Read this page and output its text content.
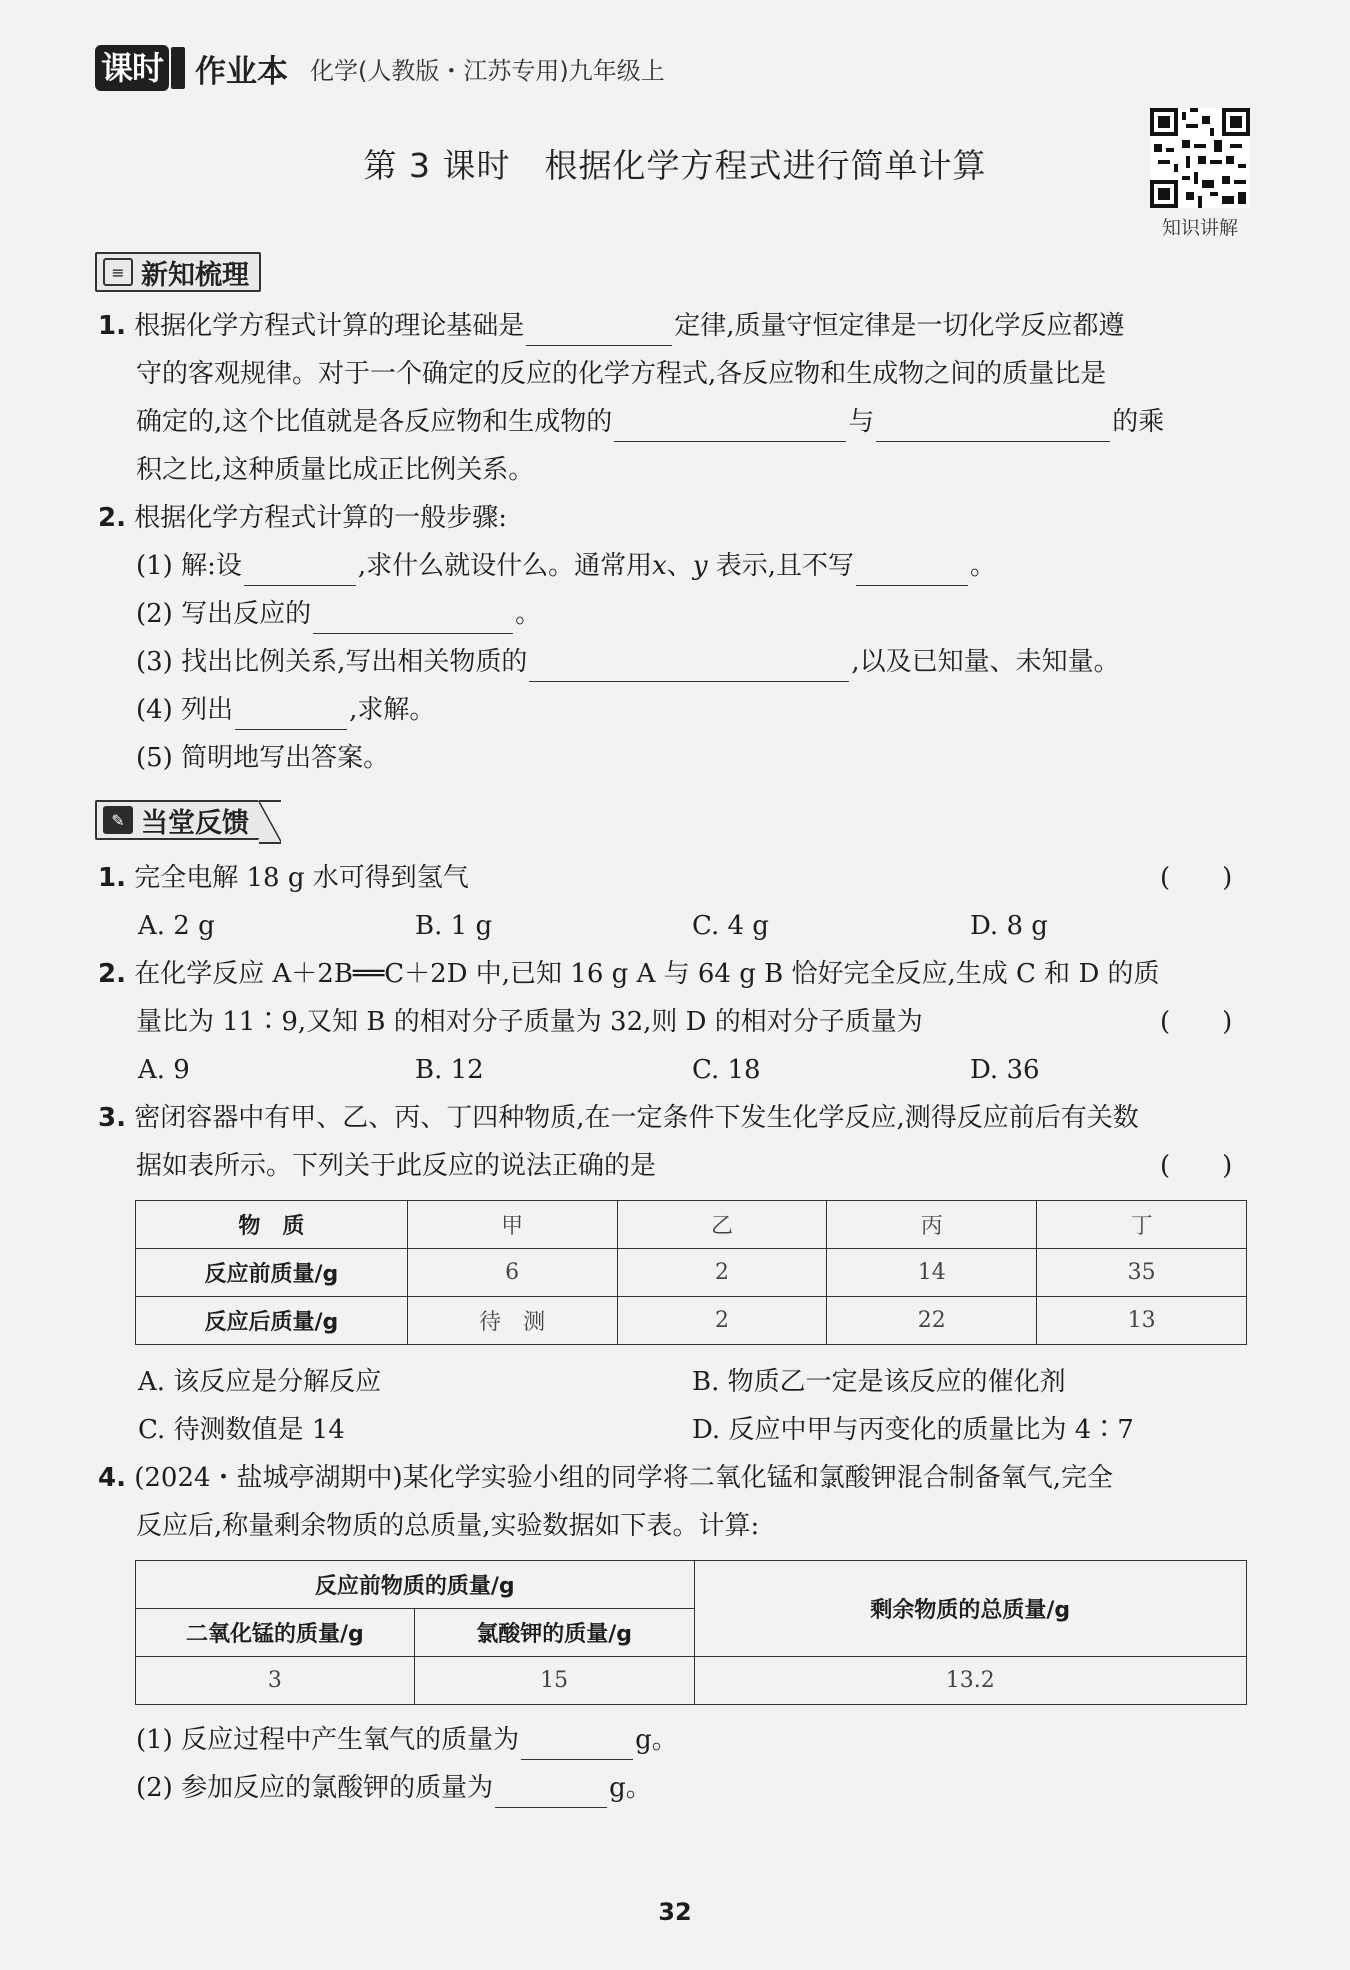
课时 作业本 化学(人教版・江苏专用)九年级上
第 3 课时　根据化学方程式进行简单计算
知识讲解
≡ 新知梳理
1. 根据化学方程式计算的理论基础是	定律,质量守恒定律是一切化学反应都遵
守的客观规律。对于一个确定的反应的化学方程式,各反应物和生成物之间的质量比是
确定的,这个比值就是各反应物和生成物的	与	的乘
积之比,这种质量比成正比例关系。
2. 根据化学方程式计算的一般步骤:
(1) 解:设	,求什么就设什么。通常用x、y 表示,且不写	。
(2) 写出反应的	。
(3) 找出比例关系,写出相关物质的	,以及已知量、未知量。
(4) 列出	,求解。
(5) 简明地写出答案。
✎ 当堂反馈
1. 完全电解 18 g 水可得到氢气	(　　)
A. 2 g	B. 1 g	C. 4 g	D. 8 g
2. 在化学反应 A＋2B══C＋2D 中,已知 16 g A 与 64 g B 恰好完全反应,生成 C 和 D 的质
量比为 11∶9,又知 B 的相对分子质量为 32,则 D 的相对分子质量为	(　　)
A. 9	B. 12	C. 18	D. 36
3. 密闭容器中有甲、乙、丙、丁四种物质,在一定条件下发生化学反应,测得反应前后有关数
据如表所示。下列关于此反应的说法正确的是	(　　)
物　质	甲	乙	丙	丁
反应前质量/g	6	2	14	35
反应后质量/g	待　测	2	22	13
A. 该反应是分解反应	B. 物质乙一定是该反应的催化剂
C. 待测数值是 14	D. 反应中甲与丙变化的质量比为 4∶7
4. (2024・盐城亭湖期中)某化学实验小组的同学将二氧化锰和氯酸钾混合制备氧气,完全
反应后,称量剩余物质的总质量,实验数据如下表。计算:
反应前物质的质量/g		剩余物质的总质量/g
二氧化锰的质量/g	氯酸钾的质量/g	
3	15	13.2
(1) 反应过程中产生氧气的质量为	g。
(2) 参加反应的氯酸钾的质量为	g。
32
